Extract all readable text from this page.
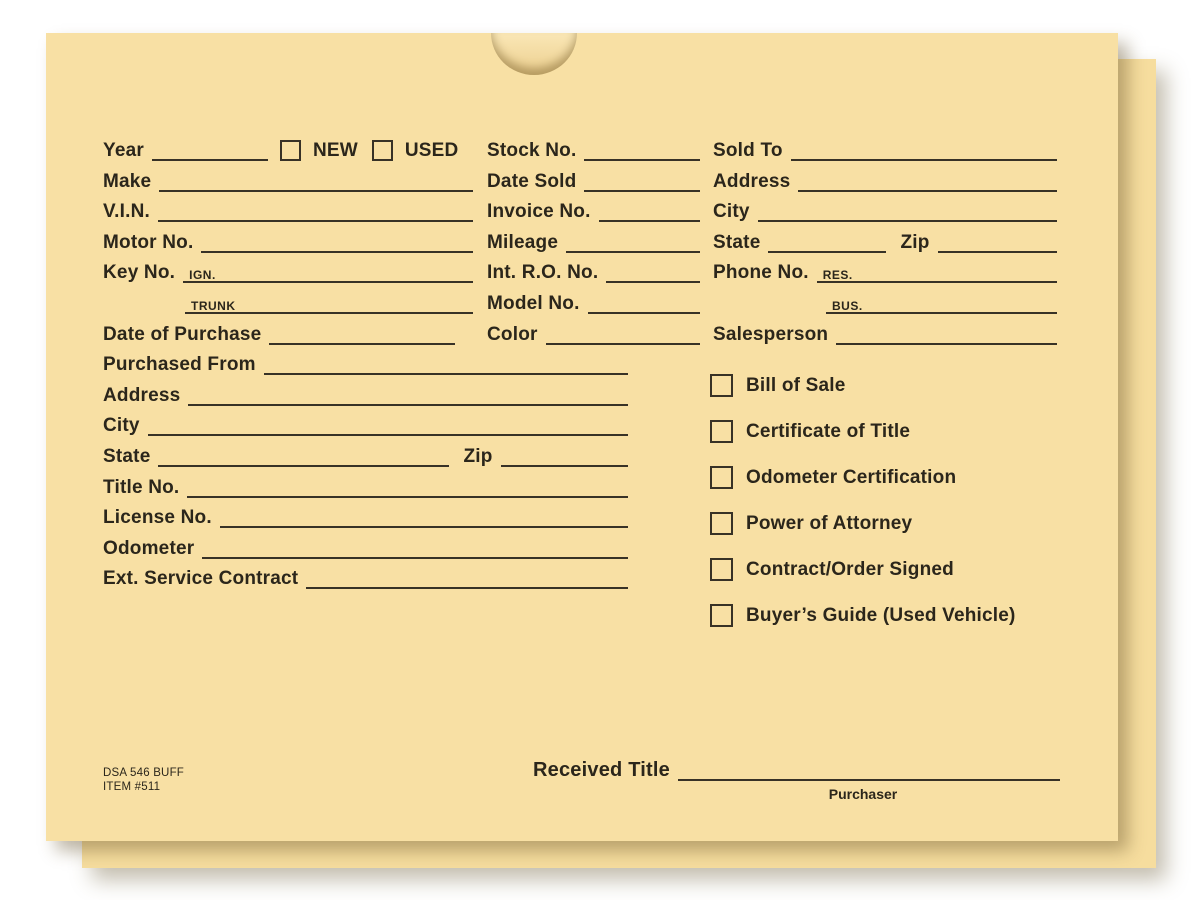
Year	NEW USED
Make
V.I.N.
Motor No.
Key No.	IGN.
TRUNK
Date of Purchase
Purchased From
Address
City
State	Zip
Title No.
License No.
Odometer
Ext. Service Contract
Stock No.
Date Sold
Invoice No.
Mileage
Int. R.O. No.
Model No.
Color
Sold To
Address
City
State	Zip
Phone No.	RES.
BUS.
Salesperson
Bill of Sale
Certificate of Title
Odometer Certification
Power of Attorney
Contract/Order Signed
Buyer’s Guide (Used Vehicle)
DSA 546 BUFF
ITEM #511
Received Title
Purchaser
